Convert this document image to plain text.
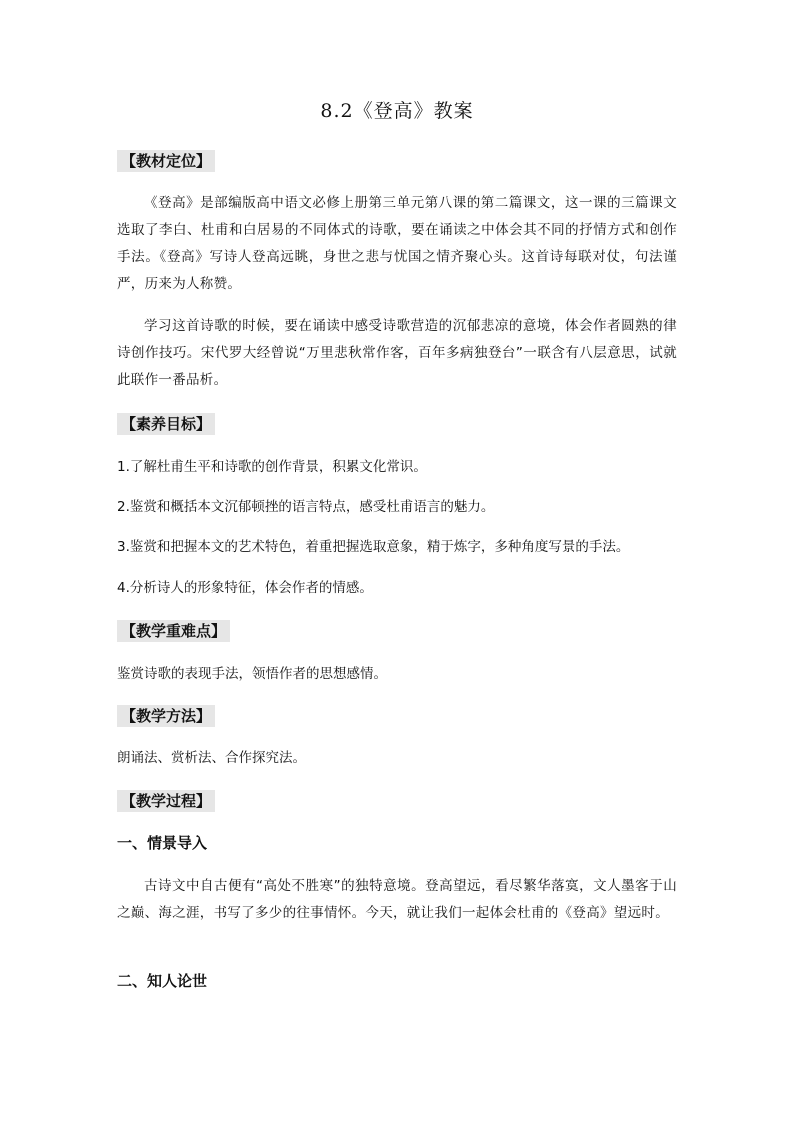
8.2《登高》教案
【教材定位】
《登高》是部编版高中语文必修上册第三单元第八课的第二篇课文，这一课的三篇课文选取了李白、杜甫和白居易的不同体式的诗歌，要在诵读之中体会其不同的抒情方式和创作手法。《登高》写诗人登高远眺，身世之悲与忧国之情齐聚心头。这首诗每联对仗，句法谨严，历来为人称赞。
学习这首诗歌的时候，要在诵读中感受诗歌营造的沉郁悲凉的意境，体会作者圆熟的律诗创作技巧。宋代罗大经曾说“万里悲秋常作客，百年多病独登台”一联含有八层意思，试就此联作一番品析。
【素养目标】
1.了解杜甫生平和诗歌的创作背景，积累文化常识。
2.鉴赏和概括本文沉郁顿挫的语言特点，感受杜甫语言的魅力。
3.鉴赏和把握本文的艺术特色，着重把握选取意象，精于炼字，多种角度写景的手法。
4.分析诗人的形象特征，体会作者的情感。
【教学重难点】
鉴赏诗歌的表现手法，领悟作者的思想感情。
【教学方法】
朗诵法、赏析法、合作探究法。
【教学过程】
一、情景导入
古诗文中自古便有“高处不胜寒”的独特意境。登高望远，看尽繁华落寞，文人墨客于山之巅、海之涯，书写了多少的往事情怀。今天，就让我们一起体会杜甫的《登高》望远时。
二、知人论世
